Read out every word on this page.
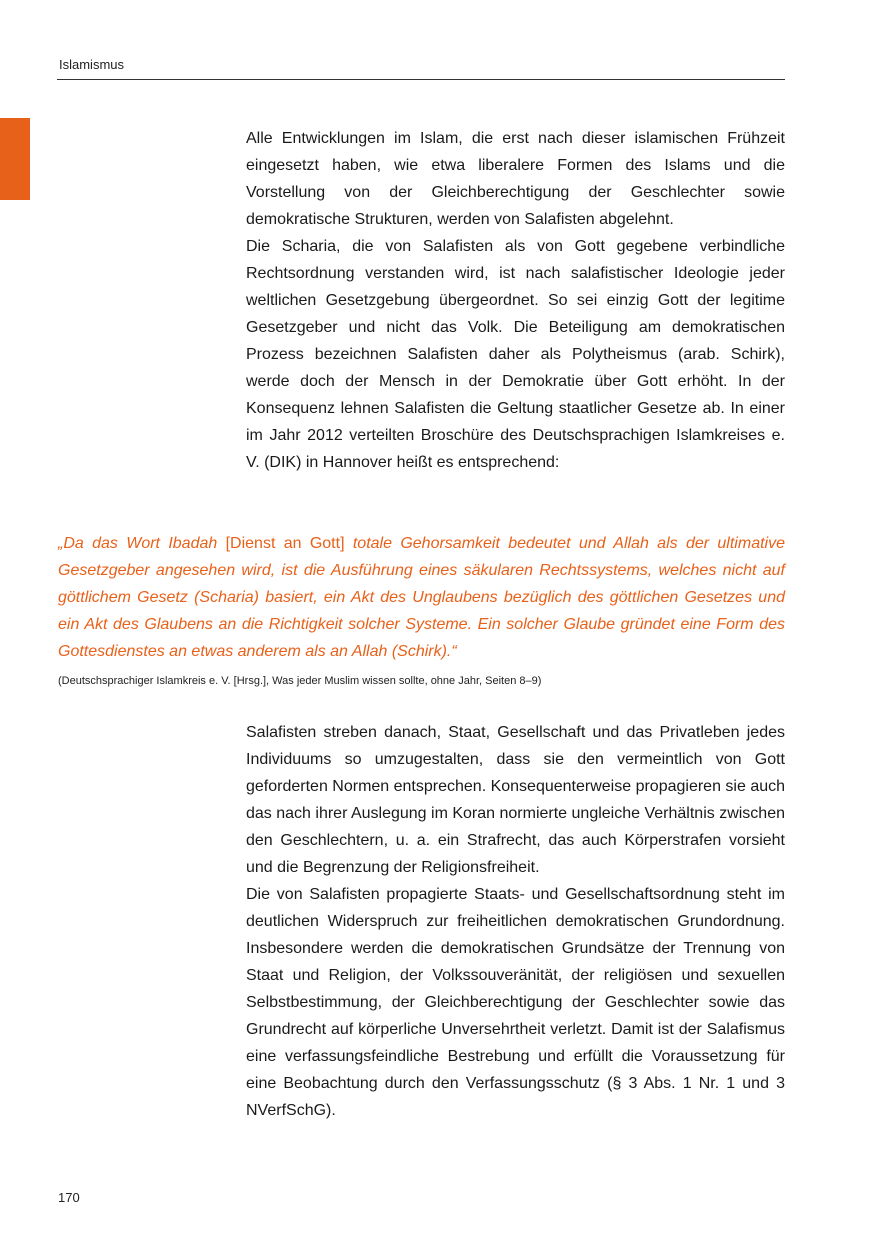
Islamismus

Alle Entwicklungen im Islam, die erst nach dieser islamischen Frühzeit eingesetzt haben, wie etwa liberalere Formen des Islams und die Vorstellung von der Gleichberechtigung der Geschlechter sowie demokratische Strukturen, werden von Salafisten abgelehnt.

Die Scharia, die von Salafisten als von Gott gegebene verbindliche Rechtsordnung verstanden wird, ist nach salafistischer Ideologie jeder weltlichen Gesetzgebung übergeordnet. So sei einzig Gott der legitime Gesetzgeber und nicht das Volk. Die Beteiligung am demokratischen Prozess bezeichnen Salafisten daher als Polytheismus (arab. Schirk), werde doch der Mensch in der Demokratie über Gott erhöht. In der Konsequenz lehnen Salafisten die Geltung staatlicher Gesetze ab. In einer im Jahr 2012 verteilten Broschüre des Deutschsprachigen Islamkreises e. V. (DIK) in Hannover heißt es entsprechend:

„Da das Wort Ibadah [Dienst an Gott] totale Gehorsamkeit bedeutet und Allah als der ultimative Gesetzgeber angesehen wird, ist die Ausführung eines säkularen Rechtssystems, welches nicht auf göttlichem Gesetz (Scharia) basiert, ein Akt des Unglaubens bezüglich des göttlichen Gesetzes und ein Akt des Glaubens an die Richtigkeit solcher Systeme. Ein solcher Glaube gründet eine Form des Gottesdienstes an etwas anderem als an Allah (Schirk).“

(Deutschsprachiger Islamkreis e. V. [Hrsg.], Was jeder Muslim wissen sollte, ohne Jahr, Seiten 8–9)

Salafisten streben danach, Staat, Gesellschaft und das Privatleben jedes Individuums so umzugestalten, dass sie den vermeintlich von Gott geforderten Normen entsprechen. Konsequenterweise propagieren sie auch das nach ihrer Auslegung im Koran normierte ungleiche Verhältnis zwischen den Geschlechtern, u. a. ein Strafrecht, das auch Körperstrafen vorsieht und die Begrenzung der Religionsfreiheit.

Die von Salafisten propagierte Staats- und Gesellschaftsordnung steht im deutlichen Widerspruch zur freiheitlichen demokratischen Grundordnung. Insbesondere werden die demokratischen Grundsätze der Trennung von Staat und Religion, der Volkssouveränität, der religiösen und sexuellen Selbstbestimmung, der Gleichberechtigung der Geschlechter sowie das Grundrecht auf körperliche Unversehrtheit verletzt. Damit ist der Salafismus eine verfassungsfeindliche Bestrebung und erfüllt die Voraussetzung für eine Beobachtung durch den Verfassungsschutz (§ 3 Abs. 1 Nr. 1 und 3 NVerfSchG).

170
